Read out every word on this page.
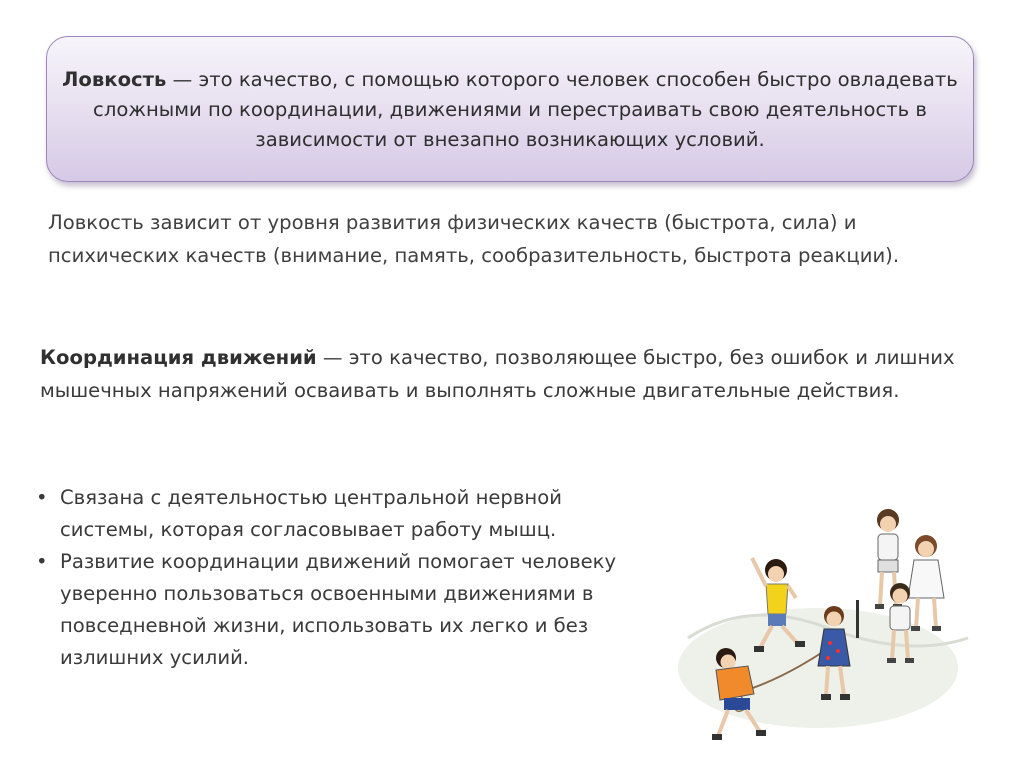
Ловкость — это качество, с помощью которого человек способен быстро овладевать сложными по координации, движениями и перестраивать свою деятельность в зависимости от внезапно возникающих условий.
Ловкость зависит от уровня развития физических качеств (быстрота, сила) и психических качеств (внимание, память, сообразительность, быстрота реакции).
Координация движений — это качество, позволяющее быстро, без ошибок и лишних мышечных напряжений осваивать и выполнять сложные двигательные действия.
• Связана с деятельностью центральной нервной системы, которая согласовывает работу мышц.
• Развитие координации движений помогает человеку уверенно пользоваться освоенными движениями в повседневной жизни, использовать их легко и без излишних усилий.
